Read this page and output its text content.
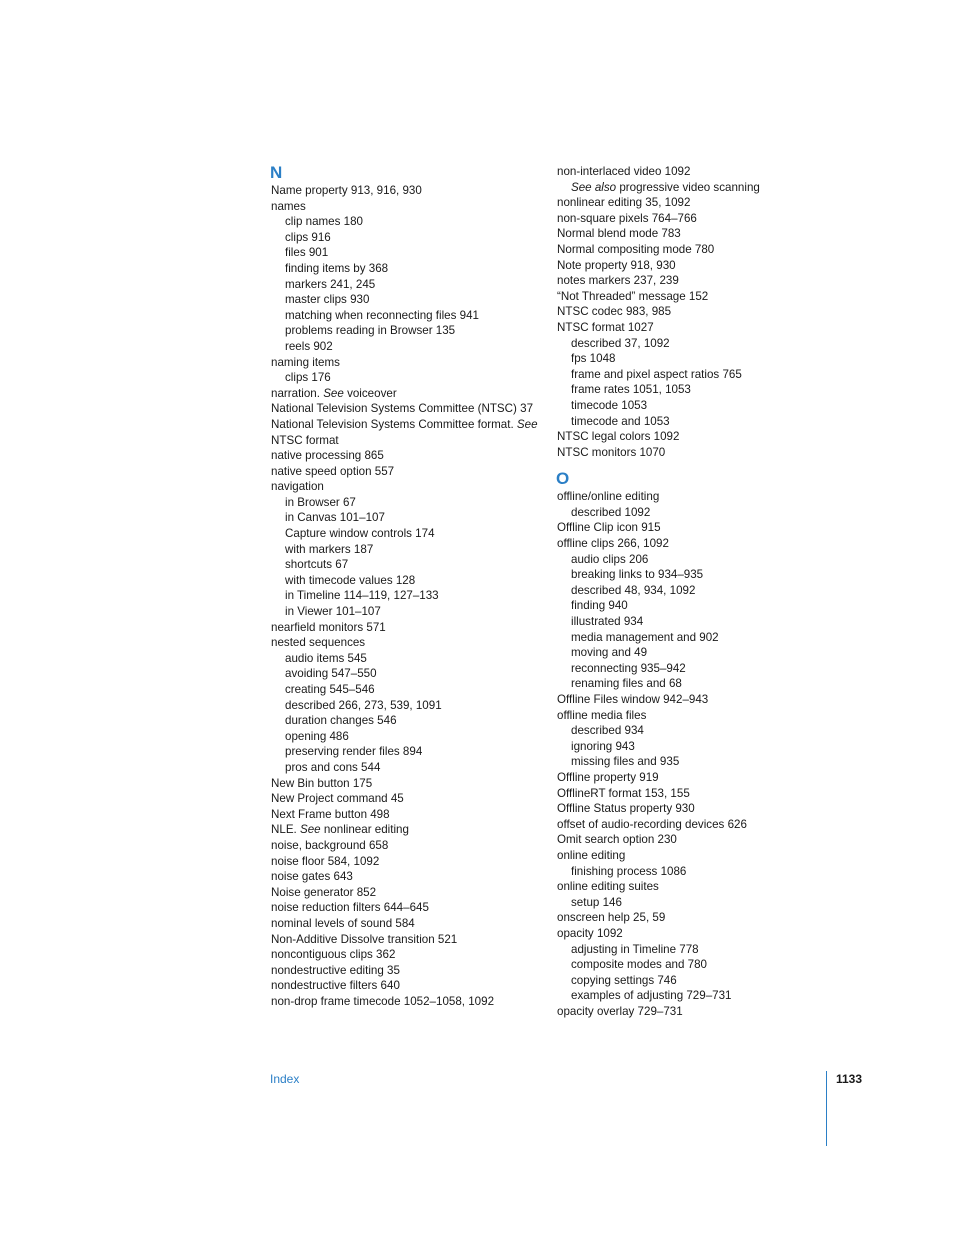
N
Name property 913, 916, 930
names
clip names 180
clips 916
files 901
finding items by 368
markers 241, 245
master clips 930
matching when reconnecting files 941
problems reading in Browser 135
reels 902
naming items
clips 176
narration. See voiceover
National Television Systems Committee (NTSC) 37
National Television Systems Committee format. See
NTSC format
native processing 865
native speed option 557
navigation
in Browser 67
in Canvas 101–107
Capture window controls 174
with markers 187
shortcuts 67
with timecode values 128
in Timeline 114–119, 127–133
in Viewer 101–107
nearfield monitors 571
nested sequences
audio items 545
avoiding 547–550
creating 545–546
described 266, 273, 539, 1091
duration changes 546
opening 486
preserving render files 894
pros and cons 544
New Bin button 175
New Project command 45
Next Frame button 498
NLE. See nonlinear editing
noise, background 658
noise floor 584, 1092
noise gates 643
Noise generator 852
noise reduction filters 644–645
nominal levels of sound 584
Non-Additive Dissolve transition 521
noncontiguous clips 362
nondestructive editing 35
nondestructive filters 640
non-drop frame timecode 1052–1058, 1092
non-interlaced video 1092
See also progressive video scanning
nonlinear editing 35, 1092
non-square pixels 764–766
Normal blend mode 783
Normal compositing mode 780
Note property 918, 930
notes markers 237, 239
“Not Threaded” message 152
NTSC codec 983, 985
NTSC format 1027
described 37, 1092
fps 1048
frame and pixel aspect ratios 765
frame rates 1051, 1053
timecode 1053
timecode and 1053
NTSC legal colors 1092
NTSC monitors 1070
O
offline/online editing
described 1092
Offline Clip icon 915
offline clips 266, 1092
audio clips 206
breaking links to 934–935
described 48, 934, 1092
finding 940
illustrated 934
media management and 902
moving and 49
reconnecting 935–942
renaming files and 68
Offline Files window 942–943
offline media files
described 934
ignoring 943
missing files and 935
Offline property 919
OfflineRT format 153, 155
Offline Status property 930
offset of audio-recording devices 626
Omit search option 230
online editing
finishing process 1086
online editing suites
setup 146
onscreen help 25, 59
opacity 1092
adjusting in Timeline 778
composite modes and 780
copying settings 746
examples of adjusting 729–731
opacity overlay 729–731
Index	1133
